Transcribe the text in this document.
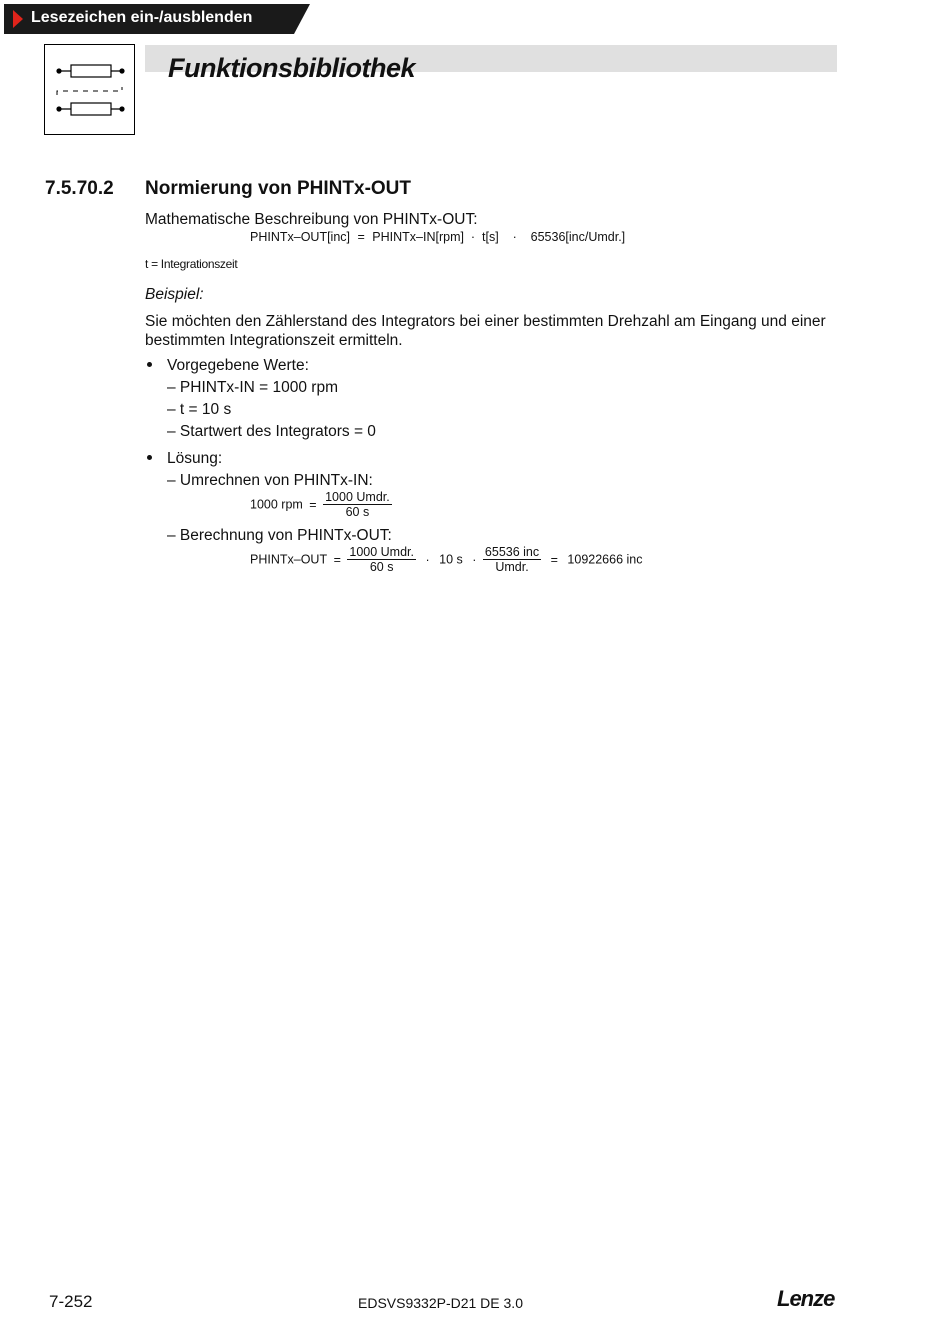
Lesezeichen ein-/ausblenden
Funktionsbibliothek
7.5.70.2 Normierung von PHINTx-OUT
Mathematische Beschreibung von PHINTx-OUT:
PHINTx–OUT[inc] = PHINTx–IN[rpm]  ·  t[s]    ·    65536[inc/Umdr.]
t = Integrationszeit
Beispiel:
Sie möchten den Zählerstand des Integrators bei einer bestimmten Drehzahl am Eingang und einer bestimmten Integrationszeit ermitteln.
Vorgegebene Werte:
– PHINTx-IN = 1000 rpm
– t = 10 s
– Startwert des Integrators = 0
Lösung:
– Umrechnen von PHINTx-IN:
1000 rpm = $\frac{\text{1000 Umdr.}}{60 s}$
– Berechnung von PHINTx-OUT:
PHINTx–OUT = $\frac{\text{1000 Umdr.}}{60 s} \cdot 10$ $s \cdot \frac{\text{65536 inc}}{\text{Umdr.}} = 10922666$ inc
7-252	EDSVS9332P-D21 DE 3.0	Lenze
